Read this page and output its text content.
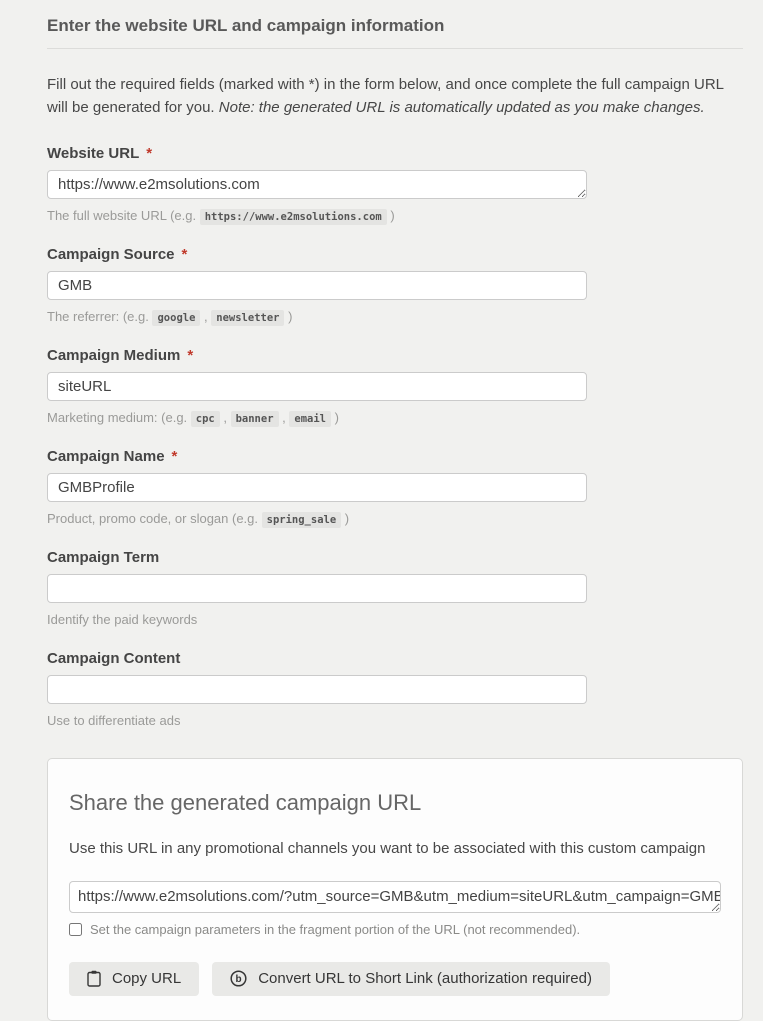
Enter the website URL and campaign information

Fill out the required fields (marked with *) in the form below, and once complete the full campaign URL will be generated for you. Note: the generated URL is automatically updated as you make changes.

Website URL *
https://www.e2msolutions.com
The full website URL (e.g. https://www.e2msolutions.com )
Campaign Source *
GMB
The referrer: (e.g. google , newsletter )
Campaign Medium *
siteURL
Marketing medium: (e.g. cpc , banner , email )
Campaign Name *
GMBProfile
Product, promo code, or slogan (e.g. spring_sale )
Campaign Term
Identify the paid keywords
Campaign Content
Use to differentiate ads
Share the generated campaign URL
Use this URL in any promotional channels you want to be associated with this custom campaign
https://www.e2msolutions.com/?utm_source=GMB&utm_medium=siteURL&utm_campaign=GMBProfile
Set the campaign parameters in the fragment portion of the URL (not recommended).
Copy URL	b Convert URL to Short Link (authorization required)
